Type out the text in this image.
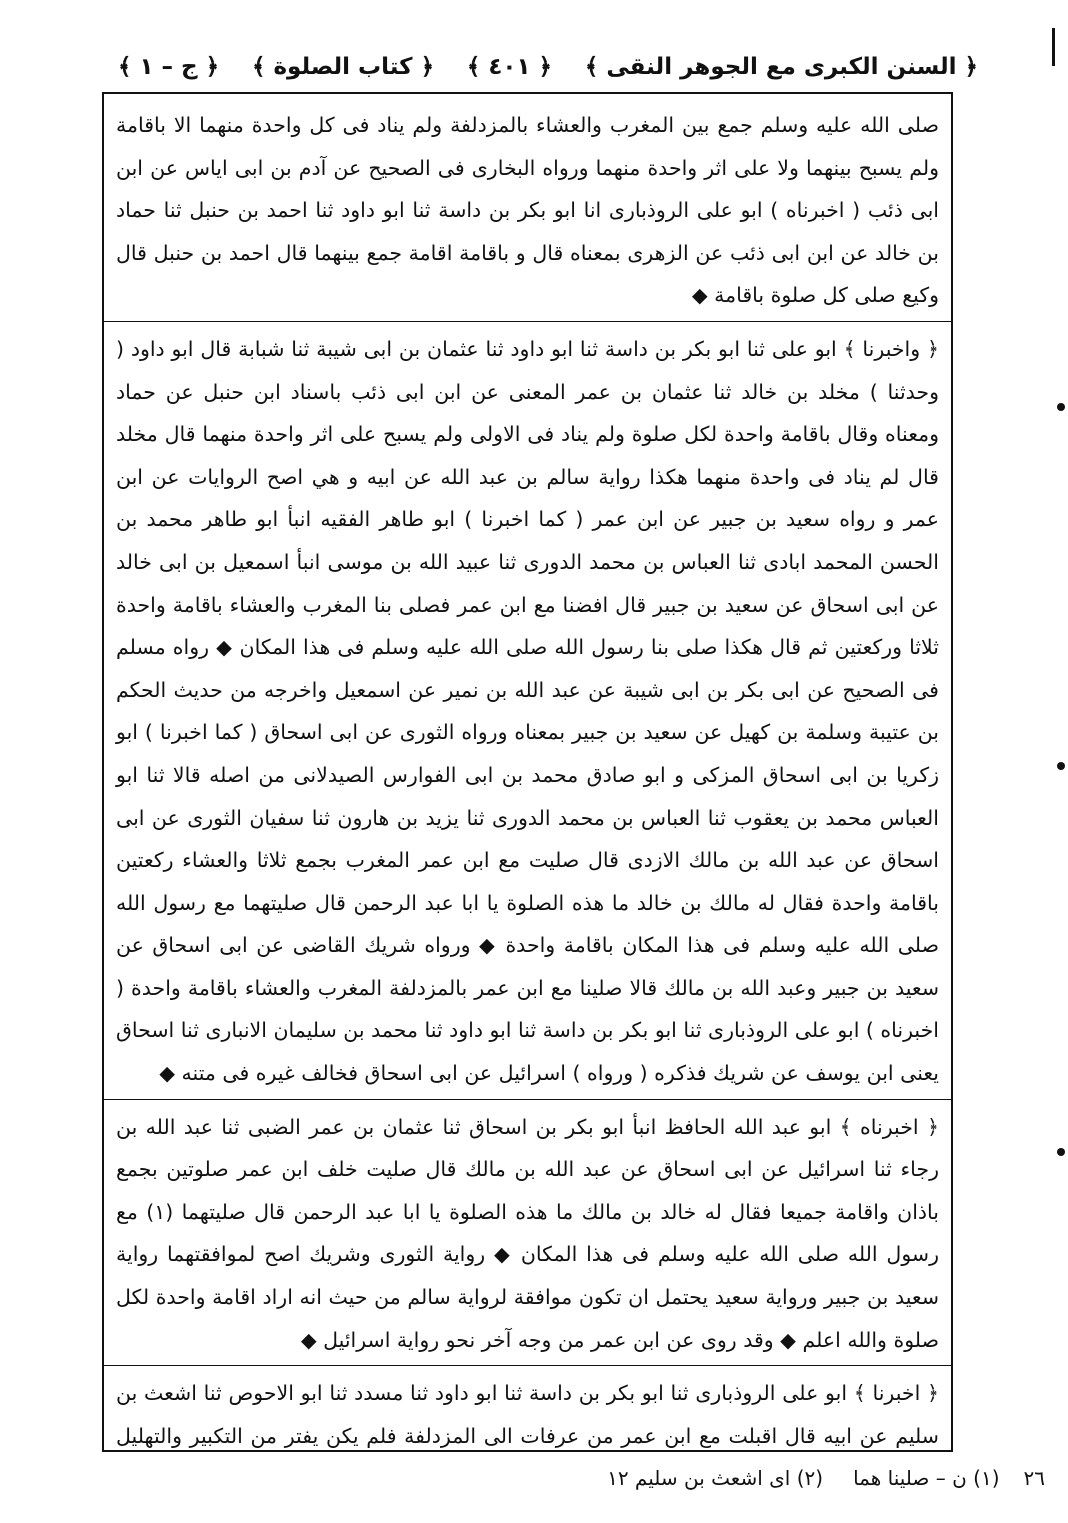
﴿ السنن الكبرى مع الجوهر النقى ﴾
﴿ ٤٠١ ﴾
﴿ كتاب الصلوة ﴾
﴿ ج – ١ ﴾

صلى الله عليه وسلم جمع بين المغرب والعشاء بالمزدلفة ولم يناد فى كل واحدة منهما الا باقامة ولم يسبح بينهما ولا على اثر واحدة منهما ورواه البخارى فى الصحيح عن آدم بن ابى اياس عن ابن ابى ذئب ( اخبرناه ) ابو على الروذبارى انا ابو بكر بن داسة ثنا ابو داود ثنا احمد بن حنبل ثنا حماد بن خالد عن ابن ابى ذئب عن الزهرى بمعناه قال و باقامة اقامة جمع بينهما قال احمد بن حنبل قال وكيع صلى كل صلوة باقامة ◆

﴿ واخبرنا ﴾ ابو على ثنا ابو بكر بن داسة ثنا ابو داود ثنا عثمان بن ابى شيبة ثنا شبابة قال ابو داود ( وحدثنا ) مخلد بن خالد ثنا عثمان بن عمر المعنى عن ابن ابى ذئب باسناد ابن حنبل عن حماد ومعناه وقال باقامة واحدة لكل صلوة ولم يناد فى الاولى ولم يسبح على اثر واحدة منهما قال مخلد قال لم يناد فى واحدة منهما هكذا رواية سالم بن عبد الله عن ابيه و هي اصح الروايات عن ابن عمر و رواه سعيد بن جبير عن ابن عمر ( كما اخبرنا ) ابو طاهر الفقيه انبأ ابو طاهر محمد بن الحسن المحمد ابادى ثنا العباس بن محمد الدورى ثنا عبيد الله بن موسى انبأ اسمعيل بن ابى خالد عن ابى اسحاق عن سعيد بن جبير قال افضنا مع ابن عمر فصلى بنا المغرب والعشاء باقامة واحدة ثلاثا وركعتين ثم قال هكذا صلى بنا رسول الله صلى الله عليه وسلم فى هذا المكان ◆ رواه مسلم فى الصحيح عن ابى بكر بن ابى شيبة عن عبد الله بن نمير عن اسمعيل واخرجه من حديث الحكم بن عتيبة وسلمة بن كهيل عن سعيد بن جبير بمعناه ورواه الثورى عن ابى اسحاق ( كما اخبرنا ) ابو زكريا بن ابى اسحاق المزكى و ابو صادق محمد بن ابى الفوارس الصيدلانى من اصله قالا ثنا ابو العباس محمد بن يعقوب ثنا العباس بن محمد الدورى ثنا يزيد بن هارون ثنا سفيان الثورى عن ابى اسحاق عن عبد الله بن مالك الازدى قال صليت مع ابن عمر المغرب بجمع ثلاثا والعشاء ركعتين باقامة واحدة فقال له مالك بن خالد ما هذه الصلوة يا ابا عبد الرحمن قال صليتهما مع رسول الله صلى الله عليه وسلم فى هذا المكان باقامة واحدة ◆ ورواه شريك القاضى عن ابى اسحاق عن سعيد بن جبير وعبد الله بن مالك قالا صلينا مع ابن عمر بالمزدلفة المغرب والعشاء باقامة واحدة ( اخبرناه ) ابو على الروذبارى ثنا ابو بكر بن داسة ثنا ابو داود ثنا محمد بن سليمان الانبارى ثنا اسحاق يعنى ابن يوسف عن شريك فذكره ( ورواه ) اسرائيل عن ابى اسحاق فخالف غيره فى متنه ◆

﴿ اخبرناه ﴾ ابو عبد الله الحافظ انبأ ابو بكر بن اسحاق ثنا عثمان بن عمر الضبى ثنا عبد الله بن رجاء ثنا اسرائيل عن ابى اسحاق عن عبد الله بن مالك قال صليت خلف ابن عمر صلوتين بجمع باذان واقامة جميعا فقال له خالد بن مالك ما هذه الصلوة يا ابا عبد الرحمن قال صليتهما (١) مع رسول الله صلى الله عليه وسلم فى هذا المكان ◆ رواية الثورى وشريك اصح لموافقتهما رواية سعيد بن جبير ورواية سعيد يحتمل ان تكون موافقة لرواية سالم من حيث انه اراد اقامة واحدة لكل صلوة والله اعلم ◆ وقد روى عن ابن عمر من وجه آخر نحو رواية اسرائيل ◆

﴿ اخبرنا ﴾ ابو على الروذبارى ثنا ابو بكر بن داسة ثنا ابو داود ثنا مسدد ثنا ابو الاحوص ثنا اشعث بن سليم عن ابيه قال اقبلت مع ابن عمر من عرفات الى المزدلفة فلم يكن يفتر من التكبير والتهليل

٢٦
(١) ن – صلينا هما
(٢) اى اشعث بن سليم ١٢
